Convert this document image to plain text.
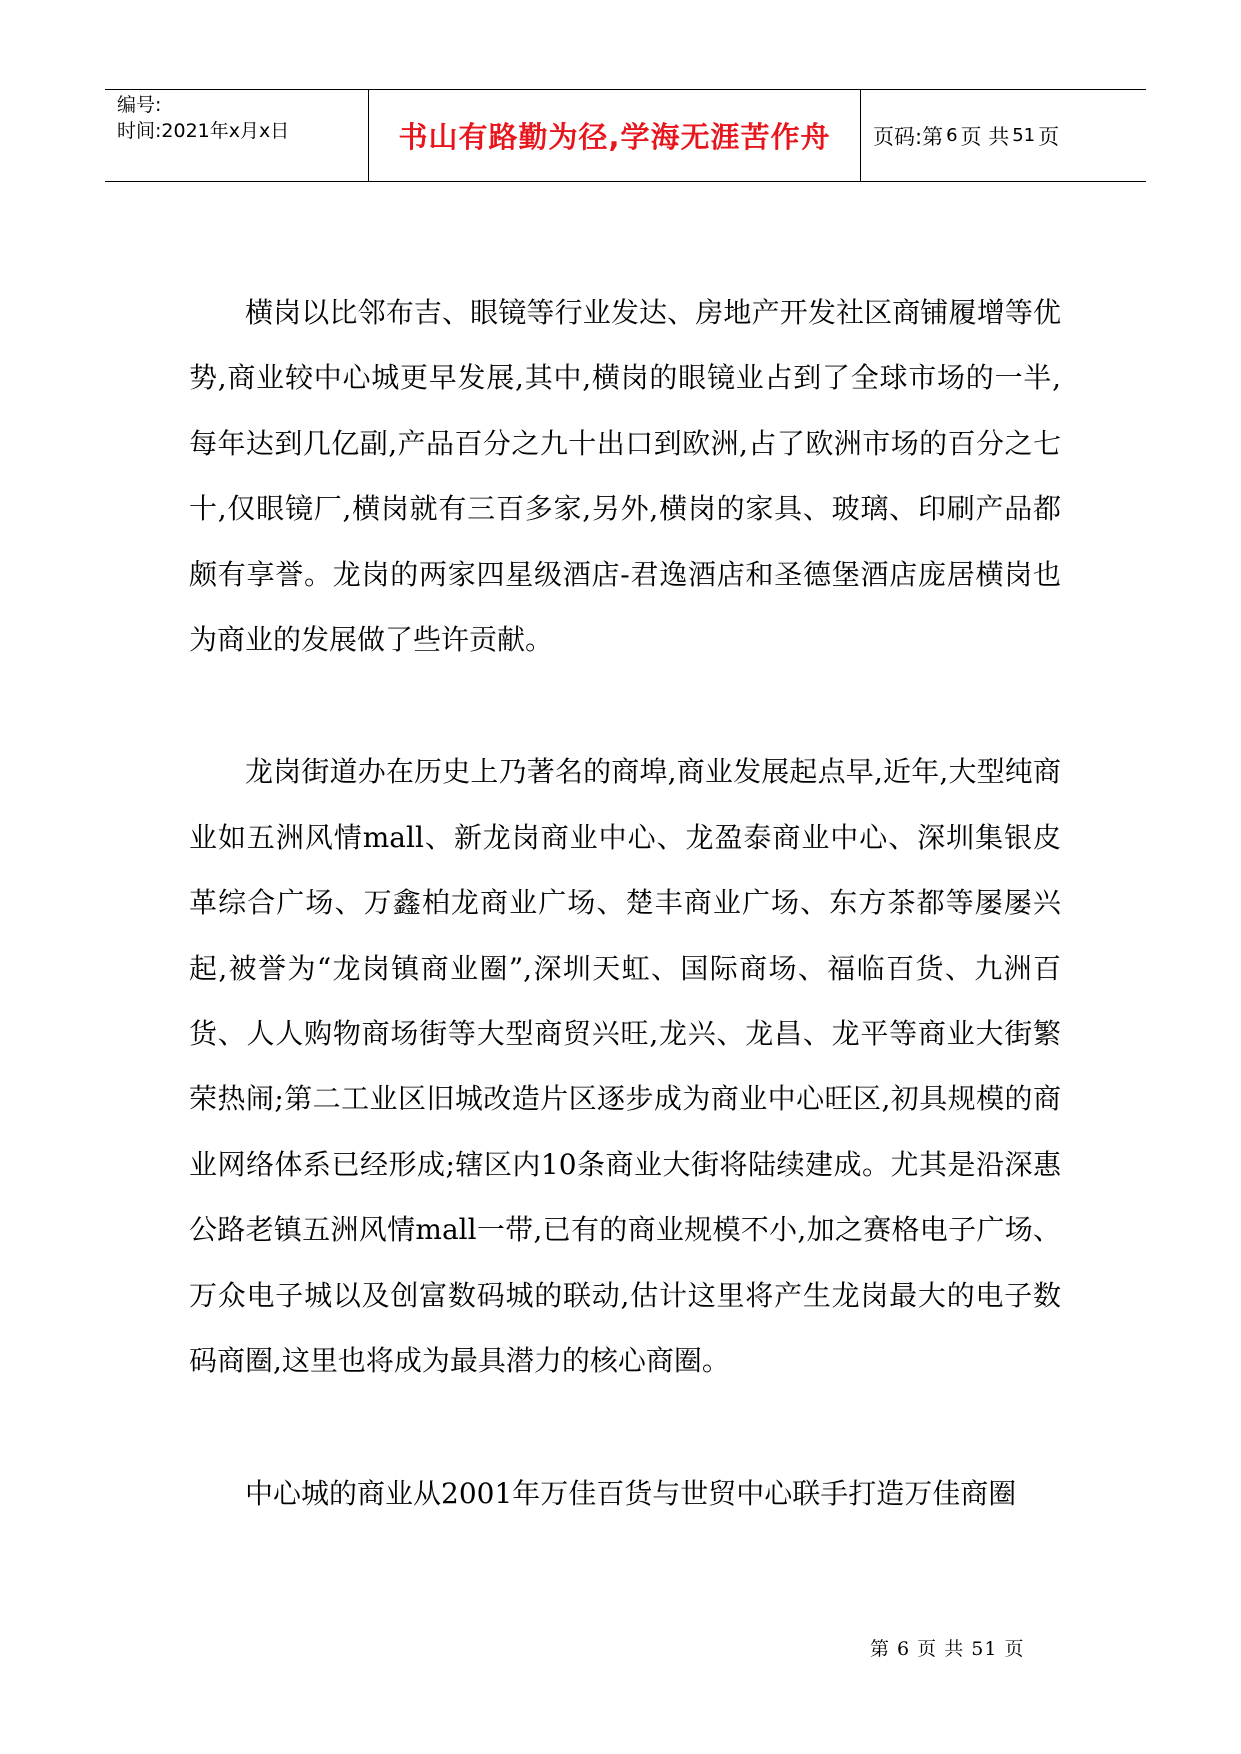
编号:
时间:2021年x月x日	书山有路勤为径,学海无涯苦作舟 页码:第 6 页 共 51 页

横岗以比邻布吉、眼镜等行业发达、房地产开发社区商铺履增等优势,商业较中心城更早发展,其中,横岗的眼镜业占到了全球市场的一半,每年达到几亿副,产品百分之九十出口到欧洲,占了欧洲市场的百分之七十,仅眼镜厂,横岗就有三百多家,另外,横岗的家具、玻璃、印刷产品都颇有享誉。龙岗的两家四星级酒店-君逸酒店和圣德堡酒店庞居横岗也为商业的发展做了些许贡献。

龙岗街道办在历史上乃著名的商埠,商业发展起点早,近年,大型纯商业如五洲风情mall、新龙岗商业中心、龙盈泰商业中心、深圳集银皮革综合广场、万鑫柏龙商业广场、楚丰商业广场、东方茶都等屡屡兴起,被誉为“龙岗镇商业圈”,深圳天虹、国际商场、福临百货、九洲百货、人人购物商场街等大型商贸兴旺,龙兴、龙昌、龙平等商业大街繁荣热闹;第二工业区旧城改造片区逐步成为商业中心旺区,初具规模的商业网络体系已经形成;辖区内10条商业大街将陆续建成。尤其是沿深惠公路老镇五洲风情mall一带,已有的商业规模不小,加之赛格电子广场、万众电子城以及创富数码城的联动,估计这里将产生龙岗最大的电子数码商圈,这里也将成为最具潜力的核心商圈。

中心城的商业从2001年万佳百货与世贸中心联手打造万佳商圈

第 6 页 共 51 页
